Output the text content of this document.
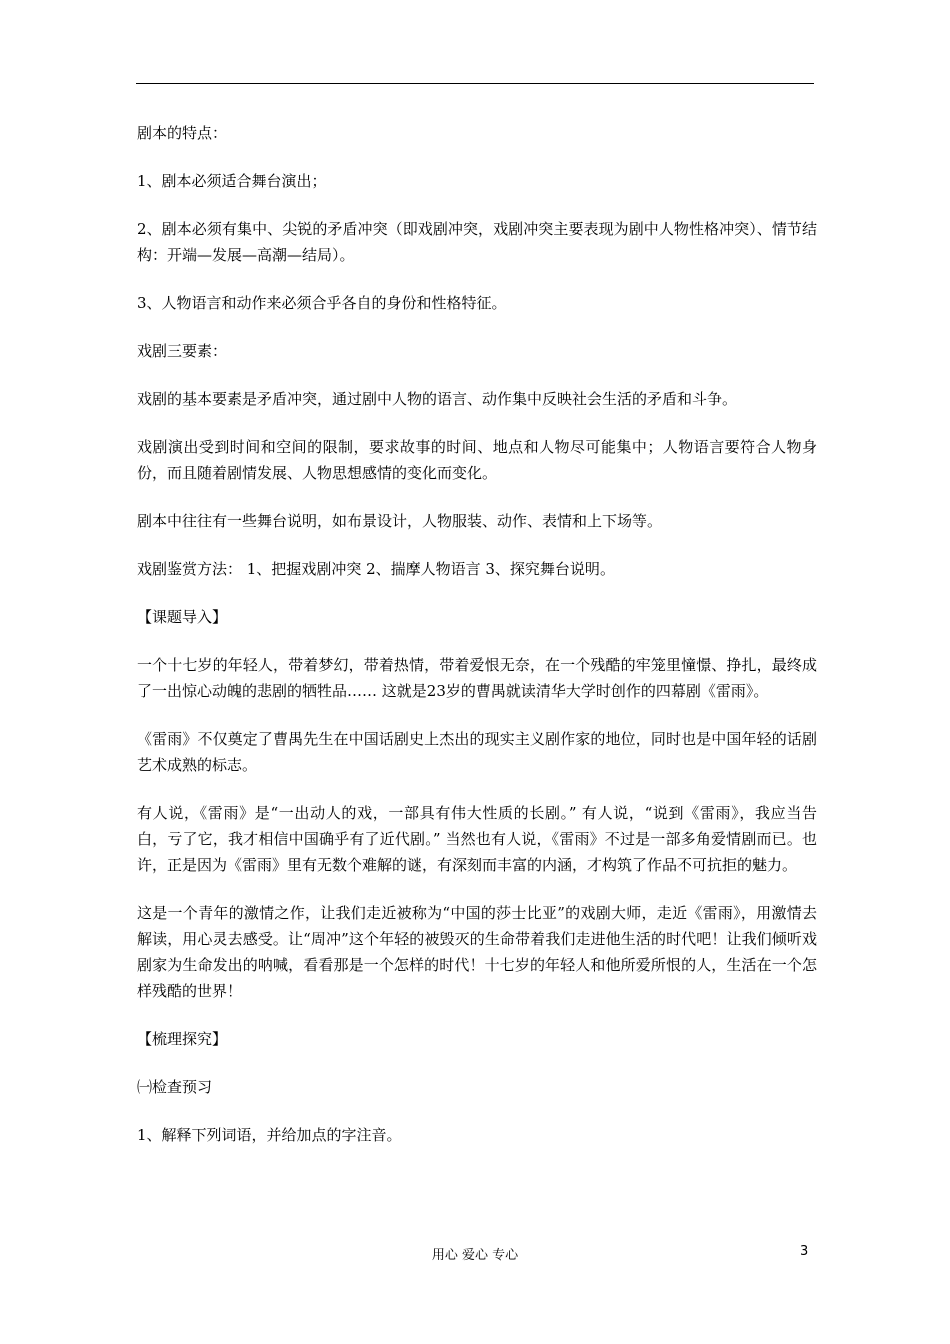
剧本的特点：

1、剧本必须适合舞台演出；

2、剧本必须有集中、尖锐的矛盾冲突（即戏剧冲突，戏剧冲突主要表现为剧中人物性格冲突）、情节结构：开端—发展—高潮—结局）。

3、人物语言和动作来必须合乎各自的身份和性格特征。

戏剧三要素：

戏剧的基本要素是矛盾冲突，通过剧中人物的语言、动作集中反映社会生活的矛盾和斗争。

戏剧演出受到时间和空间的限制，要求故事的时间、地点和人物尽可能集中；人物语言要符合人物身份，而且随着剧情发展、人物思想感情的变化而变化。

剧本中往往有一些舞台说明，如布景设计，人物服装、动作、表情和上下场等。

戏剧鉴赏方法： 1、把握戏剧冲突 2、揣摩人物语言 3、探究舞台说明。

【课题导入】

一个十七岁的年轻人，带着梦幻，带着热情，带着爱恨无奈，在一个残酷的牢笼里憧憬、挣扎，最终成了一出惊心动魄的悲剧的牺牲品…… 这就是23岁的曹禺就读清华大学时创作的四幕剧《雷雨》。

《雷雨》不仅奠定了曹禺先生在中国话剧史上杰出的现实主义剧作家的地位，同时也是中国年轻的话剧艺术成熟的标志。

有人说，《雷雨》是“一出动人的戏，一部具有伟大性质的长剧。” 有人说，“说到《雷雨》，我应当告白，亏了它，我才相信中国确乎有了近代剧。” 当然也有人说，《雷雨》不过是一部多角爱情剧而已。也许，正是因为《雷雨》里有无数个难解的谜，有深刻而丰富的内涵，才构筑了作品不可抗拒的魅力。

这是一个青年的激情之作，让我们走近被称为“中国的莎士比亚”的戏剧大师，走近《雷雨》，用激情去解读，用心灵去感受。让“周冲”这个年轻的被毁灭的生命带着我们走进他生活的时代吧！让我们倾听戏剧家为生命发出的呐喊，看看那是一个怎样的时代！十七岁的年轻人和他所爱所恨的人，生活在一个怎样残酷的世界！

【梳理探究】

㈠检查预习

1、解释下列词语，并给加点的字注音。

用心 爱心 专心	3
